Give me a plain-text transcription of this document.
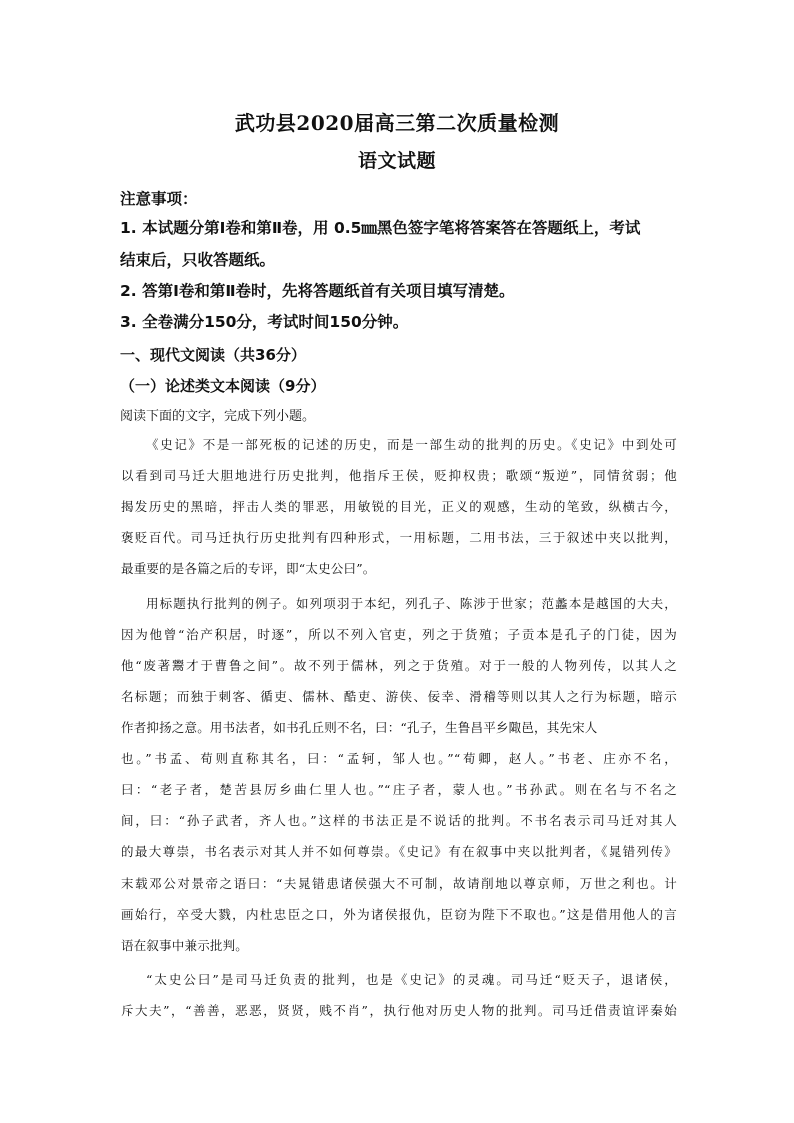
武功县2020届高三第二次质量检测
语文试题
注意事项：
1. 本试题分第Ⅰ卷和第Ⅱ卷，用 0.5㎜黑色签字笔将答案答在答题纸上，考试
结束后，只收答题纸。
2. 答第Ⅰ卷和第Ⅱ卷时，先将答题纸首有关项目填写清楚。
3. 全卷满分150分，考试时间150分钟。
一、现代文阅读（共36分）
（一）论述类文本阅读（9分）
阅读下面的文字，完成下列小题。
《史记》不是一部死板的记述的历史，而是一部生动的批判的历史。《史记》中到处可
以看到司马迁大胆地进行历史批判，他指斥王侯，贬抑权贵；歌颂“叛逆”，同情贫弱；他
揭发历史的黑暗，抨击人类的罪恶，用敏锐的目光，正义的观感，生动的笔致，纵横古今，
褒贬百代。司马迁执行历史批判有四种形式，一用标题，二用书法，三于叙述中夹以批判，
最重要的是各篇之后的专评，即“太史公曰”。
用标题执行批判的例子。如列项羽于本纪，列孔子、陈涉于世家；范蠡本是越国的大夫，
因为他曾“治产积居，时逐”，所以不列入官吏，列之于货殖；子贡本是孔子的门徒，因为
他“废著鬻才于曹鲁之间”。故不列于儒林，列之于货殖。对于一般的人物列传，以其人之
名标题；而独于刺客、循吏、儒林、酷吏、游侠、佞幸、滑稽等则以其人之行为标题，暗示
作者抑扬之意。用书法者，如书孔丘则不名，曰：“孔子，生鲁昌平乡陬邑，其先宋人
也。”书孟、荀则直称其名，曰：“孟轲，邹人也。”“荀卿，赵人。”书老、庄亦不名，
曰：“老子者，楚苦县厉乡曲仁里人也。”“庄子者，蒙人也。”书孙武。则在名与不名之
间，曰：“孙子武者，齐人也。”这样的书法正是不说话的批判。不书名表示司马迁对其人
的最大尊崇，书名表示对其人并不如何尊崇。《史记》有在叙事中夹以批判者，《晁错列传》
末载邓公对景帝之语曰：“夫晁错患诸侯强大不可制，故请削地以尊京师，万世之利也。计
画始行，卒受大戮，内杜忠臣之口，外为诸侯报仇，臣窃为陛下不取也。”这是借用他人的言
语在叙事中兼示批判。
“太史公曰”是司马迁负责的批判，也是《史记》的灵魂。司马迁“贬天子，退诸侯，
斥大夫”，“善善，恶恶，贤贤，贱不肖”，执行他对历史人物的批判。司马迁借责谊评秦始
